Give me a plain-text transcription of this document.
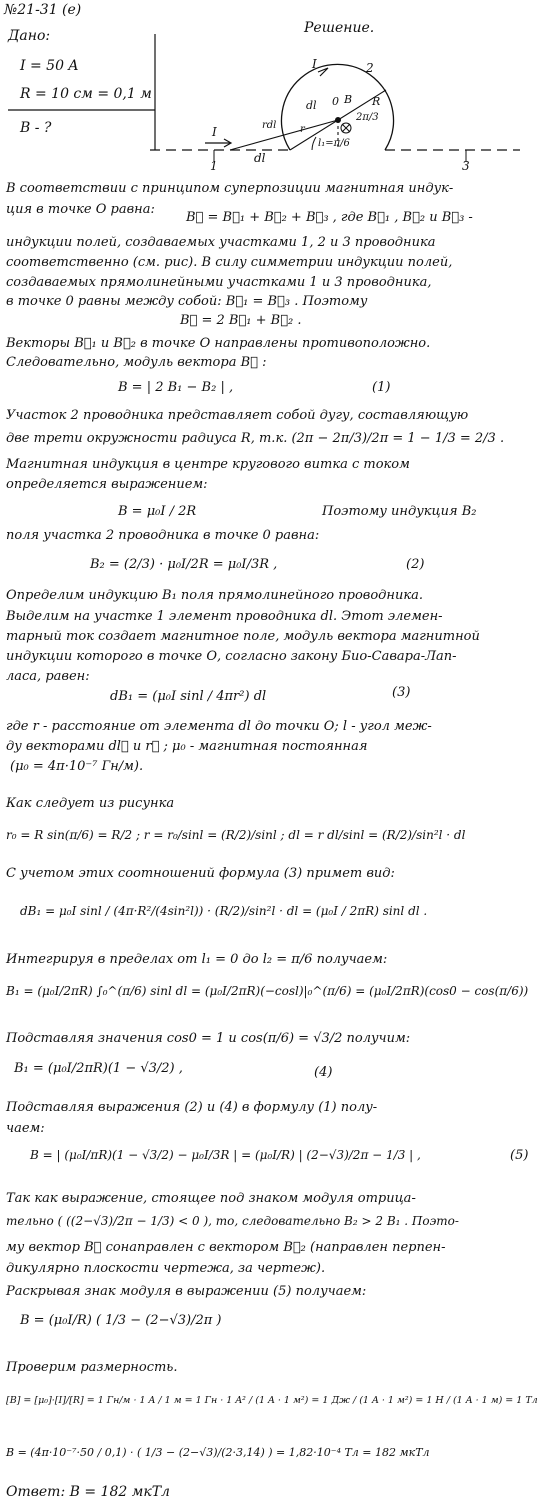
№21-31 (е)
Дано:
I = 50 A
R = 10 см = 0,1 м
B - ?
Решение.
I	2
dl 0 B R
2π/3
I	rdl r
dl
1	3
l₁=π/6
В соответствии с принципом суперпозиции магнитная индук-
ция в точке О равна:
B⃗ = B⃗₁ + B⃗₂ + B⃗₃ , где B⃗₁ , B⃗₂ и B⃗₃ -
индукции полей, создаваемых участками 1, 2 и 3 проводника
соответственно (см. рис). В силу симметрии индукции полей,
создаваемых прямолинейными участками 1 и 3 проводника,
в точке 0 равны между собой: B⃗₁ = B⃗₃ . Поэтому
B⃗ = 2 B⃗₁ + B⃗₂ .
Векторы B⃗₁ и B⃗₂ в точке О направлены противоположно.
Следовательно, модуль вектора B⃗ :
B = | 2 B₁ − B₂ | ,	(1)
Участок 2 проводника представляет собой дугу, составляющую
две трети окружности радиуса R, т.к. (2π − 2π/3)/2π = 1 − 1/3 = 2/3 .
Магнитная индукция в центре кругового витка с током
определяется выражением:
B = μ₀I / 2R	Поэтому индукция B₂
поля участка 2 проводника в точке 0 равна:
B₂ = (2/3) · μ₀I/2R = μ₀I/3R ,	(2)
Определим индукцию B₁ поля прямолинейного проводника.
Выделим на участке 1 элемент проводника dl. Этот элемен-
тарный ток создает магнитное поле, модуль вектора магнитной
индукции которого в точке О, согласно закону Био-Савара-Лап-
ласа, равен:
dB₁ = (μ₀I sinl / 4πr²) dl	(3)
где r - расстояние от элемента dl до точки О; l - угол меж-
ду векторами dl⃗ и r⃗ ; μ₀ - магнитная постоянная
(μ₀ = 4π·10⁻⁷ Гн/м).
Как следует из рисунка
r₀ = R sin(π/6) = R/2 ; r = r₀/sinl = (R/2)/sinl ; dl = r dl/sinl = (R/2)/sin²l · dl
С учетом этих соотношений формула (3) примет вид:
dB₁ = μ₀I sinl / (4π·R²/(4sin²l)) · (R/2)/sin²l · dl = (μ₀I / 2πR) sinl dl .
Интегрируя в пределах от l₁ = 0 до l₂ = π/6 получаем:
B₁ = (μ₀I/2πR) ∫₀^(π/6) sinl dl = (μ₀I/2πR)(−cosl)|₀^(π/6) = (μ₀I/2πR)(cos0 − cos(π/6))
Подставляя значения cos0 = 1 и cos(π/6) = √3/2 получим:
B₁ = (μ₀I/2πR)(1 − √3/2) ,	(4)
Подставляя выражения (2) и (4) в формулу (1) полу-
чаем:
B = | (μ₀I/πR)(1 − √3/2) − μ₀I/3R | = (μ₀I/R) | (2−√3)/2π − 1/3 | ,	(5)
Так как выражение, стоящее под знаком модуля отрица-
тельно ( ((2−√3)/2π − 1/3) < 0 ), то, следовательно B₂ > 2 B₁ . Поэто-
му вектор B⃗ сонаправлен с вектором B⃗₂ (направлен перпен-
дикулярно плоскости чертежа, за чертеж).
Раскрывая знак модуля в выражении (5) получаем:
B = (μ₀I/R) ( 1/3 − (2−√3)/2π )
Проверим размерность.
[B] = [μ₀]·[I]/[R] = 1 Гн/м · 1 A / 1 м = 1 Гн · 1 A² / (1 A · 1 м²) = 1 Дж / (1 A · 1 м²) = 1 Н / (1 A · 1 м) = 1 Тл
B = (4π·10⁻⁷·50 / 0,1) · ( 1/3 − (2−√3)/(2·3,14) ) = 1,82·10⁻⁴ Тл = 182 мкТл
Ответ: B = 182 мкТл
